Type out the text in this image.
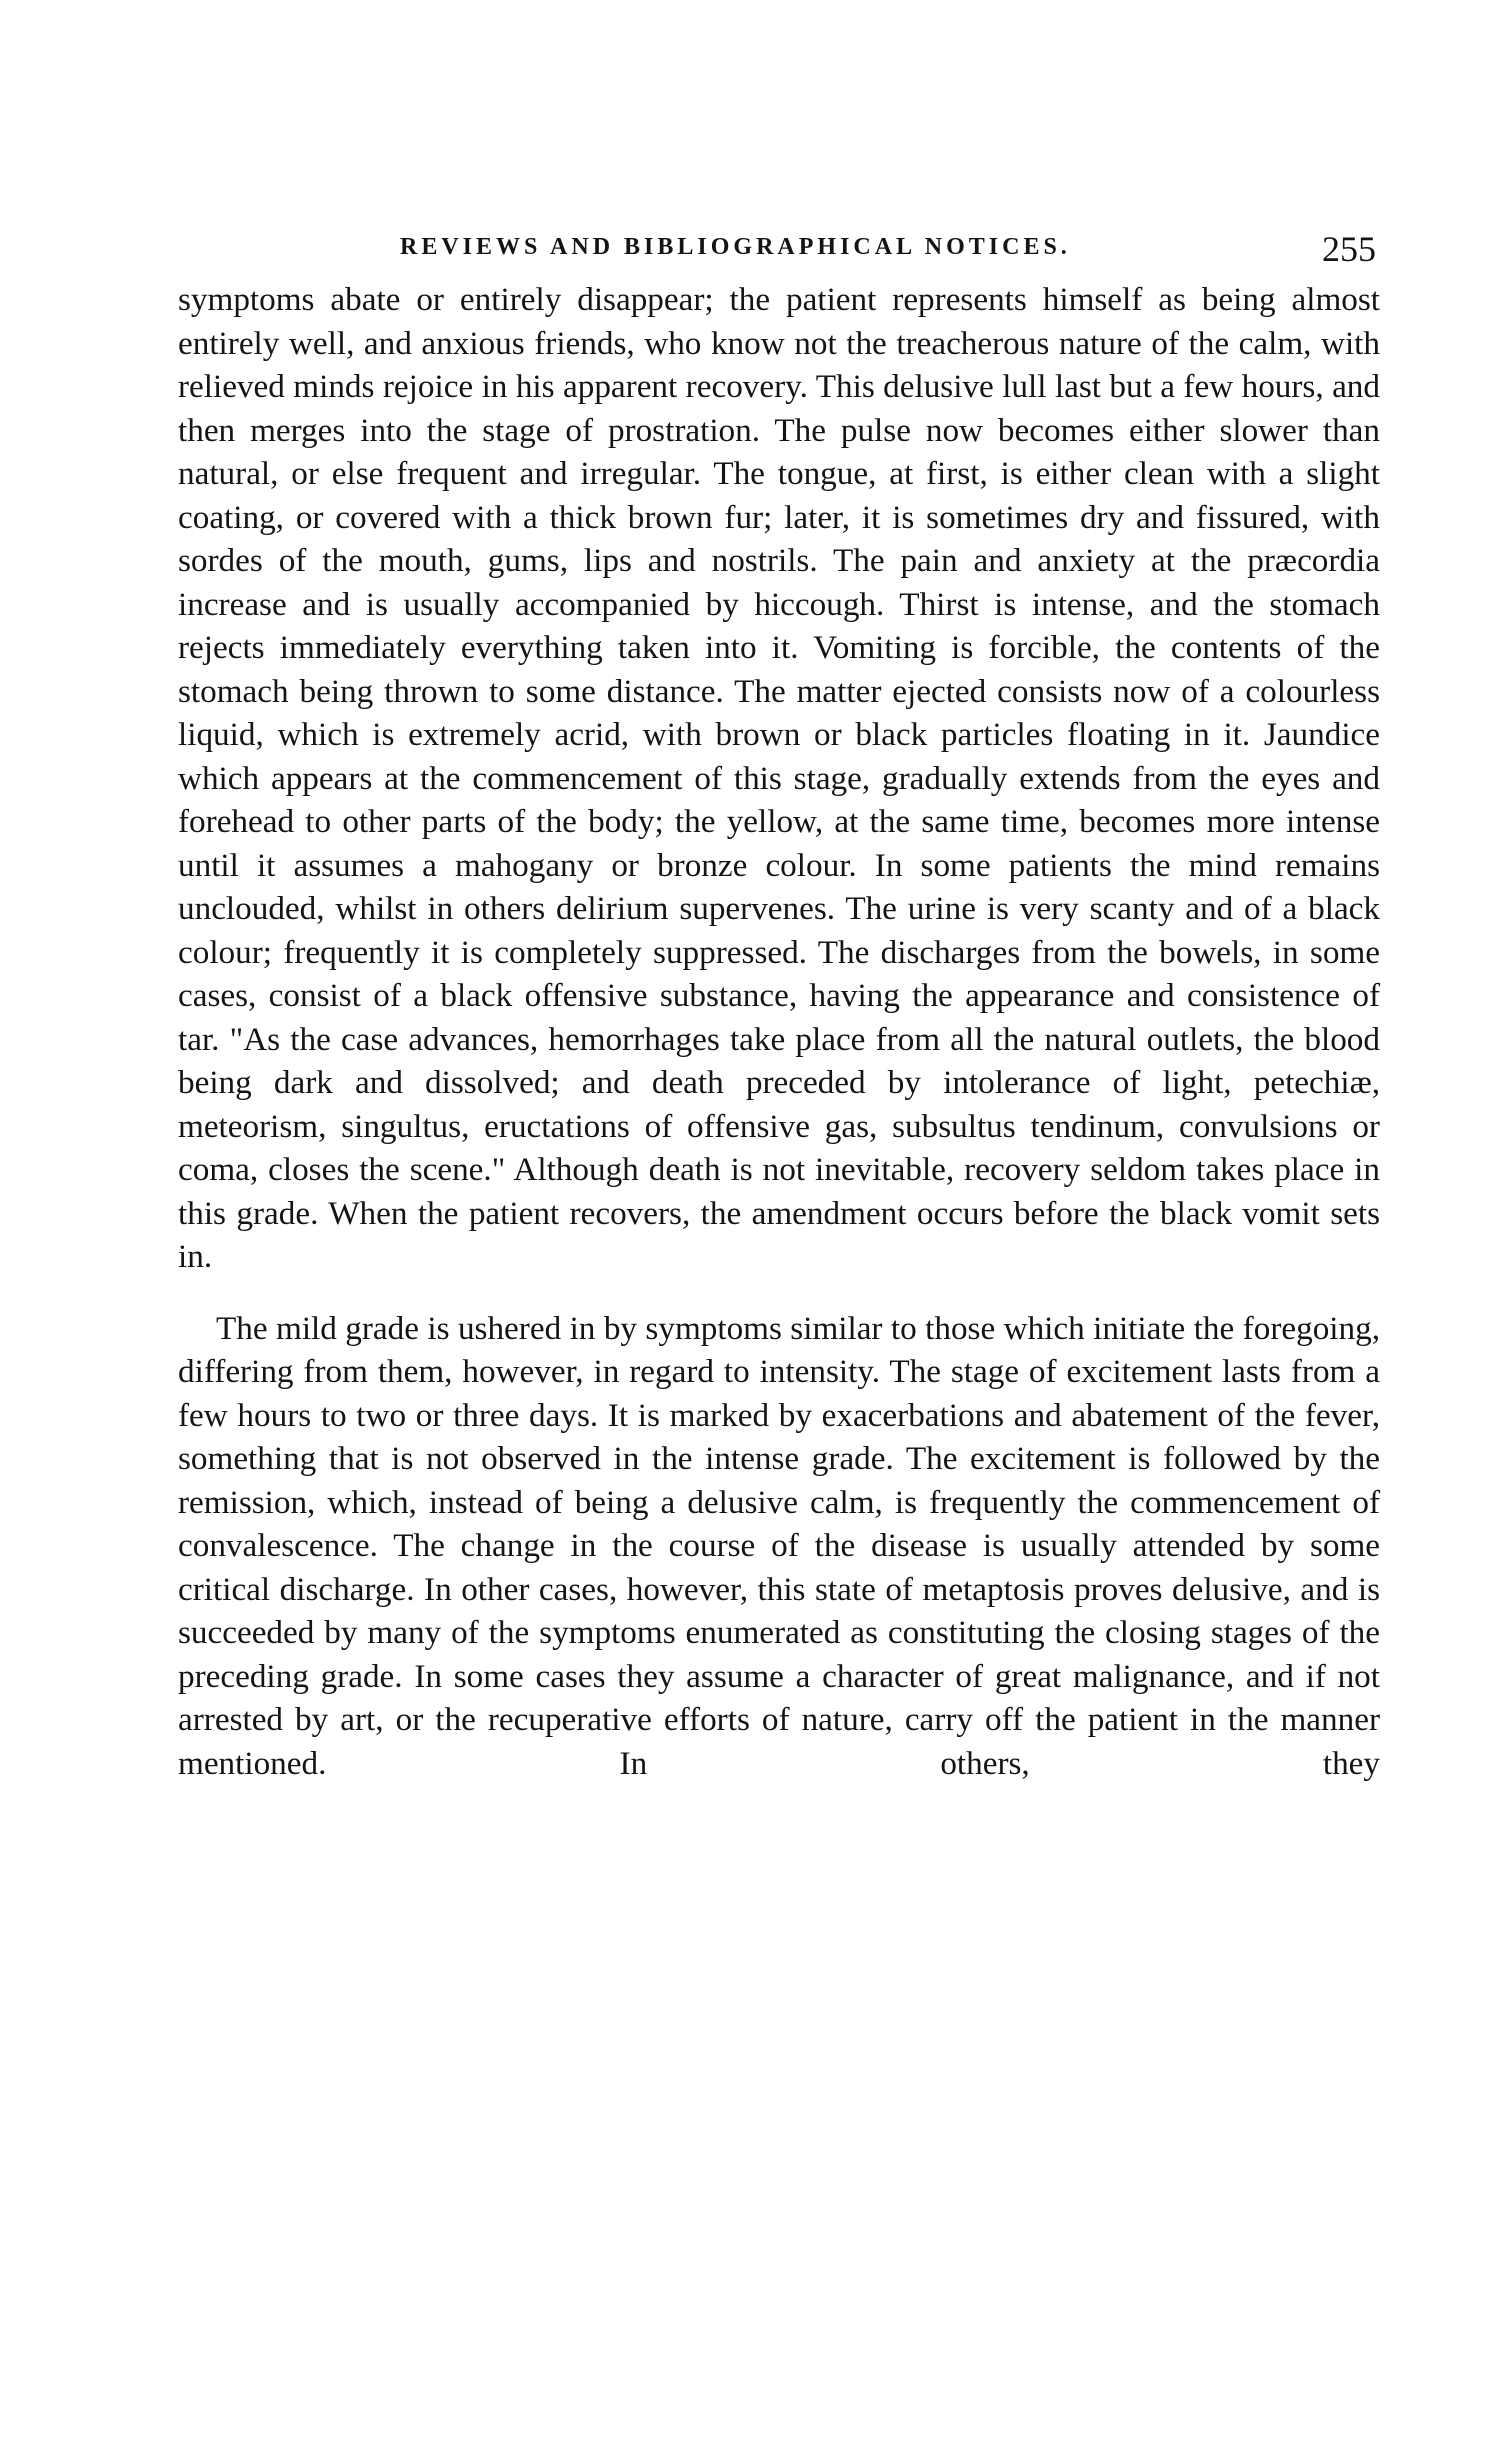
REVIEWS AND BIBLIOGRAPHICAL NOTICES.	255

symptoms abate or entirely disappear; the patient represents himself as being almost entirely well, and anxious friends, who know not the treacherous nature of the calm, with relieved minds rejoice in his apparent recovery. This delusive lull last but a few hours, and then merges into the stage of prostration. The pulse now becomes either slower than natural, or else frequent and irregular. The tongue, at first, is either clean with a slight coating, or covered with a thick brown fur; later, it is sometimes dry and fissured, with sordes of the mouth, gums, lips and nostrils. The pain and anxiety at the præcordia increase and is usually accompanied by hiccough. Thirst is intense, and the stomach rejects immediately everything taken into it. Vomiting is forcible, the contents of the stomach being thrown to some distance. The matter ejected consists now of a colourless liquid, which is extremely acrid, with brown or black particles floating in it. Jaundice which appears at the commencement of this stage, gradually extends from the eyes and forehead to other parts of the body; the yellow, at the same time, becomes more intense until it assumes a mahogany or bronze colour. In some patients the mind remains unclouded, whilst in others delirium supervenes. The urine is very scanty and of a black colour; frequently it is completely suppressed. The discharges from the bowels, in some cases, consist of a black offensive substance, having the appearance and consistence of tar. "As the case advances, hemorrhages take place from all the natural outlets, the blood being dark and dissolved; and death preceded by intolerance of light, petechiæ, meteorism, singultus, eructations of offensive gas, subsultus tendinum, convulsions or coma, closes the scene." Although death is not inevitable, recovery seldom takes place in this grade. When the patient recovers, the amendment occurs before the black vomit sets in.

The mild grade is ushered in by symptoms similar to those which initiate the foregoing, differing from them, however, in regard to intensity. The stage of excitement lasts from a few hours to two or three days. It is marked by exacerbations and abatement of the fever, something that is not observed in the intense grade. The excitement is followed by the remission, which, instead of being a delusive calm, is frequently the commencement of convalescence. The change in the course of the disease is usually attended by some critical discharge. In other cases, however, this state of metaptosis proves delusive, and is succeeded by many of the symptoms enumerated as constituting the closing stages of the preceding grade. In some cases they assume a character of great malignance, and if not arrested by art, or the recuperative efforts of nature, carry off the patient in the manner mentioned. In others, they
